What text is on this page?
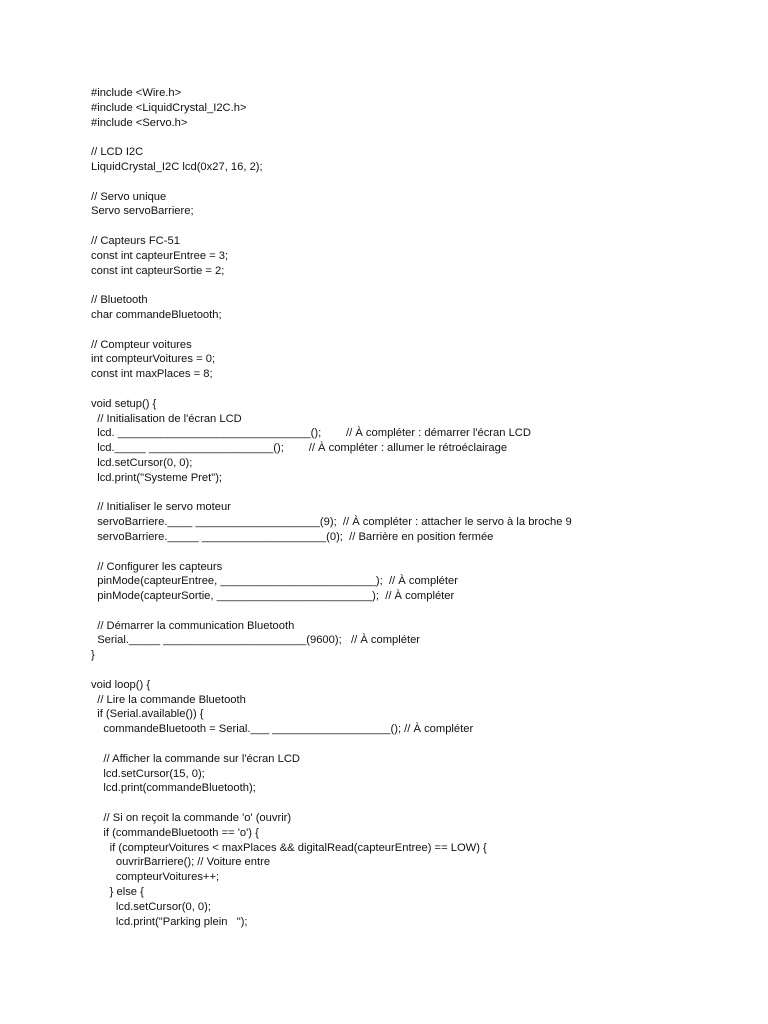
#include <Wire.h>
#include <LiquidCrystal_I2C.h>
#include <Servo.h>
// LCD I2C
LiquidCrystal_I2C lcd(0x27, 16, 2);
// Servo unique
Servo servoBarriere;
// Capteurs FC-51
const int capteurEntree = 3;
const int capteurSortie = 2;
// Bluetooth
char commandeBluetooth;
// Compteur voitures
int compteurVoitures = 0;
const int maxPlaces = 8;
void setup() {
// Initialisation de l'écran LCD
lcd. _______________________________();        // À compléter : démarrer l'écran LCD
lcd._____ ____________________();        // À compléter : allumer le rétroéclairage
lcd.setCursor(0, 0);
lcd.print("Systeme Pret");
// Initialiser le servo moteur
servoBarriere.____ ____________________(9);  // À compléter : attacher le servo à la broche 9
servoBarriere._____ ____________________(0);  // Barrière en position fermée
// Configurer les capteurs
pinMode(capteurEntree, _________________________);  // À compléter
pinMode(capteurSortie, _________________________);  // À compléter
// Démarrer la communication Bluetooth
Serial._____ _______________________(9600);   // À compléter
}
void loop() {
// Lire la commande Bluetooth
if (Serial.available()) {
commandeBluetooth = Serial.___ ___________________(); // À compléter
// Afficher la commande sur l'écran LCD
lcd.setCursor(15, 0);
lcd.print(commandeBluetooth);
// Si on reçoit la commande 'o' (ouvrir)
if (commandeBluetooth == 'o') {
if (compteurVoitures < maxPlaces && digitalRead(capteurEntree) == LOW) {
ouvrirBarriere(); // Voiture entre
compteurVoitures++;
} else {
lcd.setCursor(0, 0);
lcd.print("Parking plein   ");
